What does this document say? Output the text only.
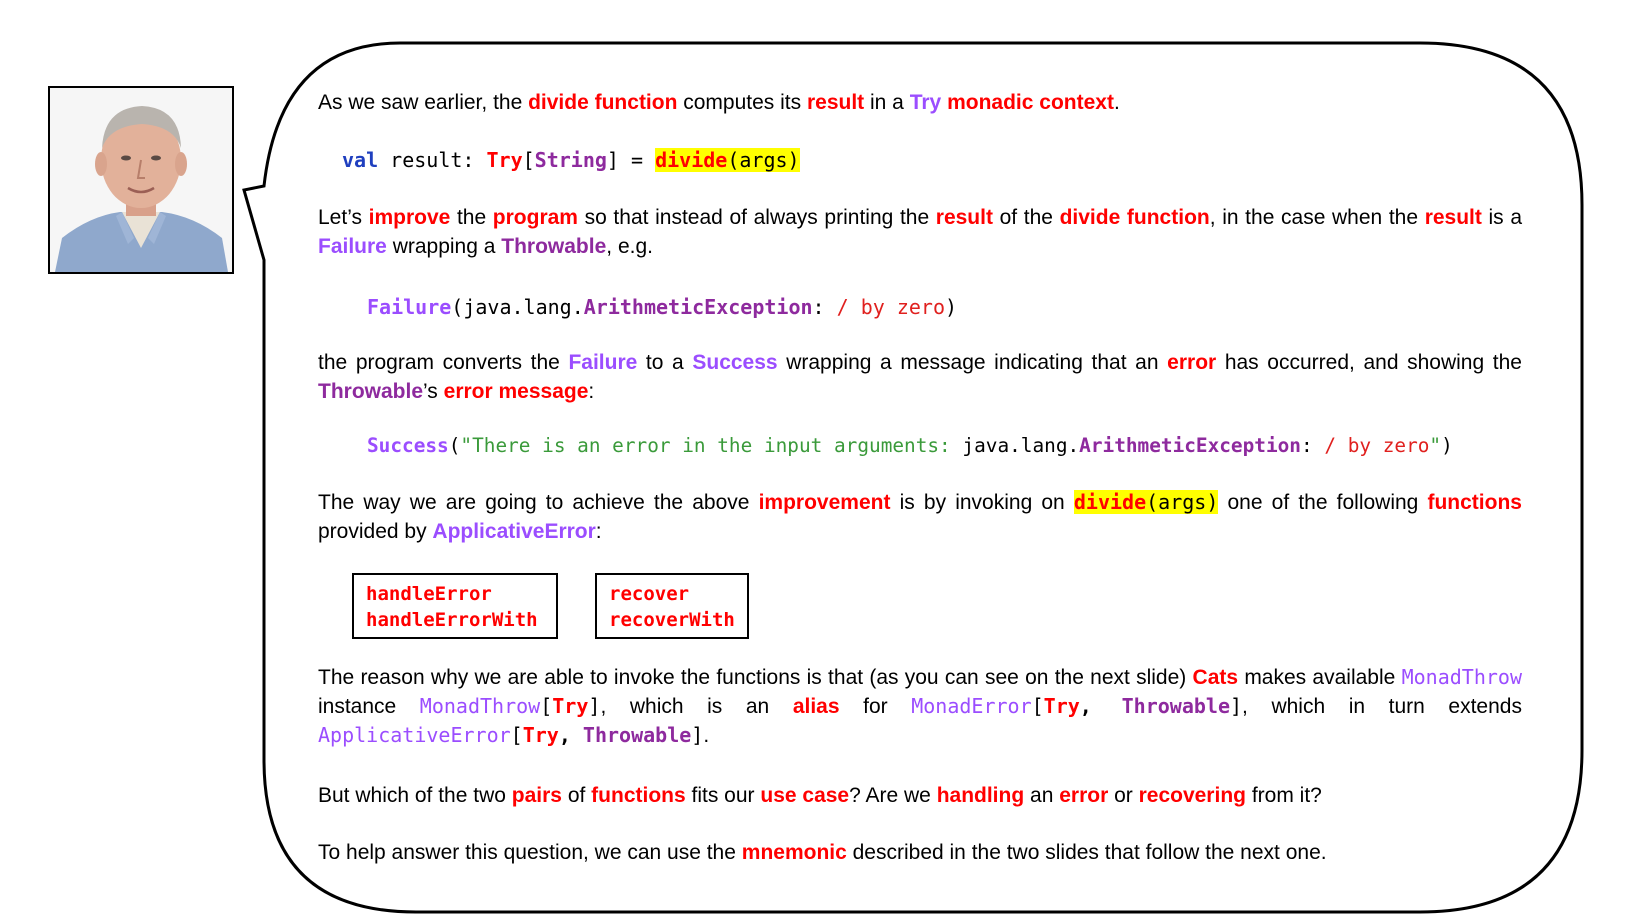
As we saw earlier, the divide function computes its result in a Try monadic context.
val result: Try[String] = divide(args)
Let’s improve the program so that instead of always printing the result of the divide function, in the case when the result is a Failure wrapping a Throwable, e.g.
Failure(java.lang.ArithmeticException: / by zero)
the program converts the Failure to a Success wrapping a message indicating that an error has occurred, and showing the Throwable’s error message:
Success("There is an error in the input arguments: java.lang.ArithmeticException: / by zero")
The way we are going to achieve the above improvement is by invoking on divide(args) one of the following functions provided by ApplicativeError:
handleError
handleErrorWith
recover
recoverWith
The reason why we are able to invoke the functions is that (as you can see on the next slide) Cats makes available MonadThrow instance MonadThrow[Try], which is an alias for MonadError[Try, Throwable], which in turn extends ApplicativeError[Try, Throwable].
But which of the two pairs of functions fits our use case? Are we handling an error or recovering from it?
To help answer this question, we can use the mnemonic described in the two slides that follow the next one.
